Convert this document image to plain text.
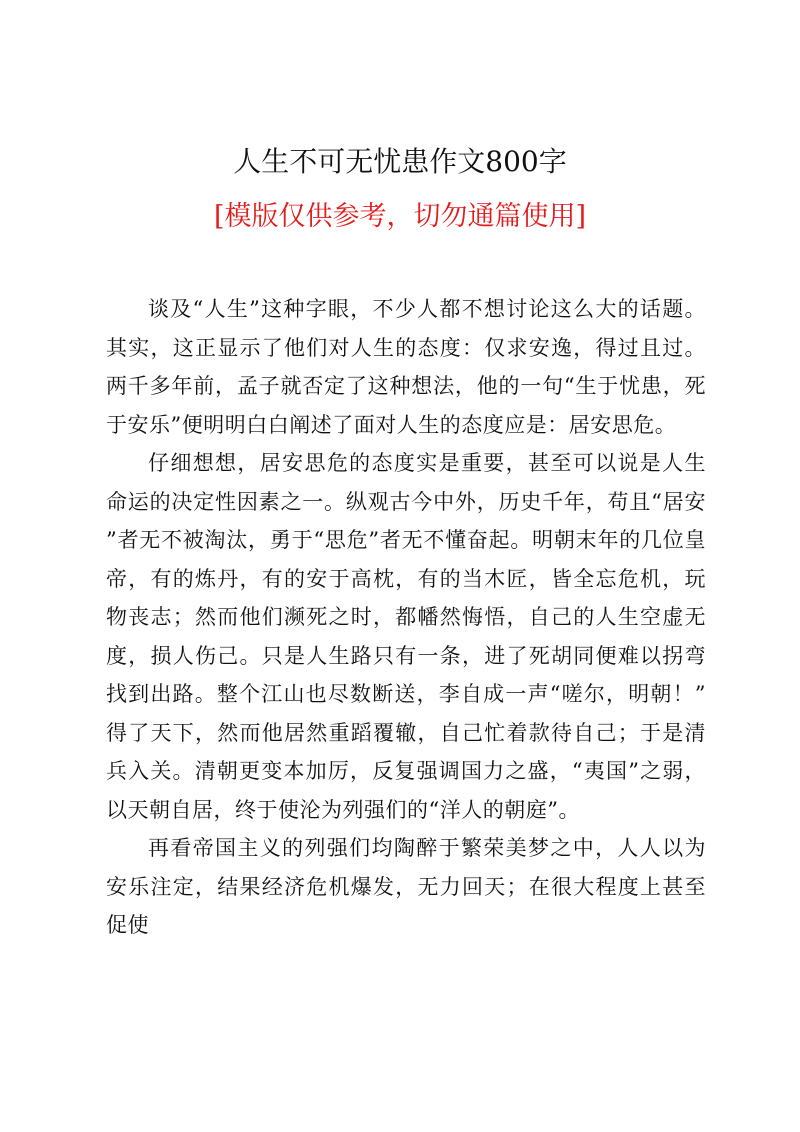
人生不可无忧患作文800字
[模版仅供参考，切勿通篇使用]

谈及“人生”这种字眼，不少人都不想讨论这么大的话题。其实，这正显示了他们对人生的态度：仅求安逸，得过且过。两千多年前，孟子就否定了这种想法，他的一句“生于忧患，死于安乐”便明明白白阐述了面对人生的态度应是：居安思危。

仔细想想，居安思危的态度实是重要，甚至可以说是人生命运的决定性因素之一。纵观古今中外，历史千年，苟且“居安”者无不被淘汰，勇于“思危”者无不懂奋起。明朝末年的几位皇帝，有的炼丹，有的安于高枕，有的当木匠，皆全忘危机，玩物丧志；然而他们濒死之时，都幡然悔悟，自己的人生空虚无度，损人伤己。只是人生路只有一条，进了死胡同便难以拐弯找到出路。整个江山也尽数断送，李自成一声“嗟尔，明朝！”得了天下，然而他居然重蹈覆辙，自己忙着款待自己；于是清兵入关。清朝更变本加厉，反复强调国力之盛，“夷国”之弱，以天朝自居，终于使沦为列强们的“洋人的朝庭”。

再看帝国主义的列强们均陶醉于繁荣美梦之中，人人以为安乐注定，结果经济危机爆发，无力回天；在很大程度上甚至促使
